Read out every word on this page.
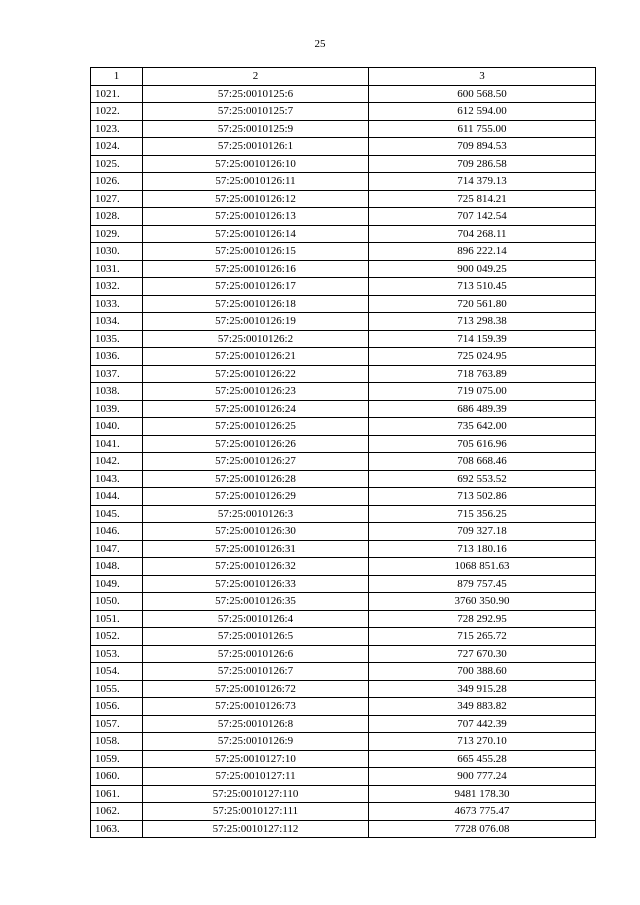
25
1	2	3
1021.	57:25:0010125:6	600 568.50
1022.	57:25:0010125:7	612 594.00
1023.	57:25:0010125:9	611 755.00
1024.	57:25:0010126:1	709 894.53
1025.	57:25:0010126:10	709 286.58
1026.	57:25:0010126:11	714 379.13
1027.	57:25:0010126:12	725 814.21
1028.	57:25:0010126:13	707 142.54
1029.	57:25:0010126:14	704 268.11
1030.	57:25:0010126:15	896 222.14
1031.	57:25:0010126:16	900 049.25
1032.	57:25:0010126:17	713 510.45
1033.	57:25:0010126:18	720 561.80
1034.	57:25:0010126:19	713 298.38
1035.	57:25:0010126:2	714 159.39
1036.	57:25:0010126:21	725 024.95
1037.	57:25:0010126:22	718 763.89
1038.	57:25:0010126:23	719 075.00
1039.	57:25:0010126:24	686 489.39
1040.	57:25:0010126:25	735 642.00
1041.	57:25:0010126:26	705 616.96
1042.	57:25:0010126:27	708 668.46
1043.	57:25:0010126:28	692 553.52
1044.	57:25:0010126:29	713 502.86
1045.	57:25:0010126:3	715 356.25
1046.	57:25:0010126:30	709 327.18
1047.	57:25:0010126:31	713 180.16
1048.	57:25:0010126:32	1068 851.63
1049.	57:25:0010126:33	879 757.45
1050.	57:25:0010126:35	3760 350.90
1051.	57:25:0010126:4	728 292.95
1052.	57:25:0010126:5	715 265.72
1053.	57:25:0010126:6	727 670.30
1054.	57:25:0010126:7	700 388.60
1055.	57:25:0010126:72	349 915.28
1056.	57:25:0010126:73	349 883.82
1057.	57:25:0010126:8	707 442.39
1058.	57:25:0010126:9	713 270.10
1059.	57:25:0010127:10	665 455.28
1060.	57:25:0010127:11	900 777.24
1061.	57:25:0010127:110	9481 178.30
1062.	57:25:0010127:111	4673 775.47
1063.	57:25:0010127:112	7728 076.08
